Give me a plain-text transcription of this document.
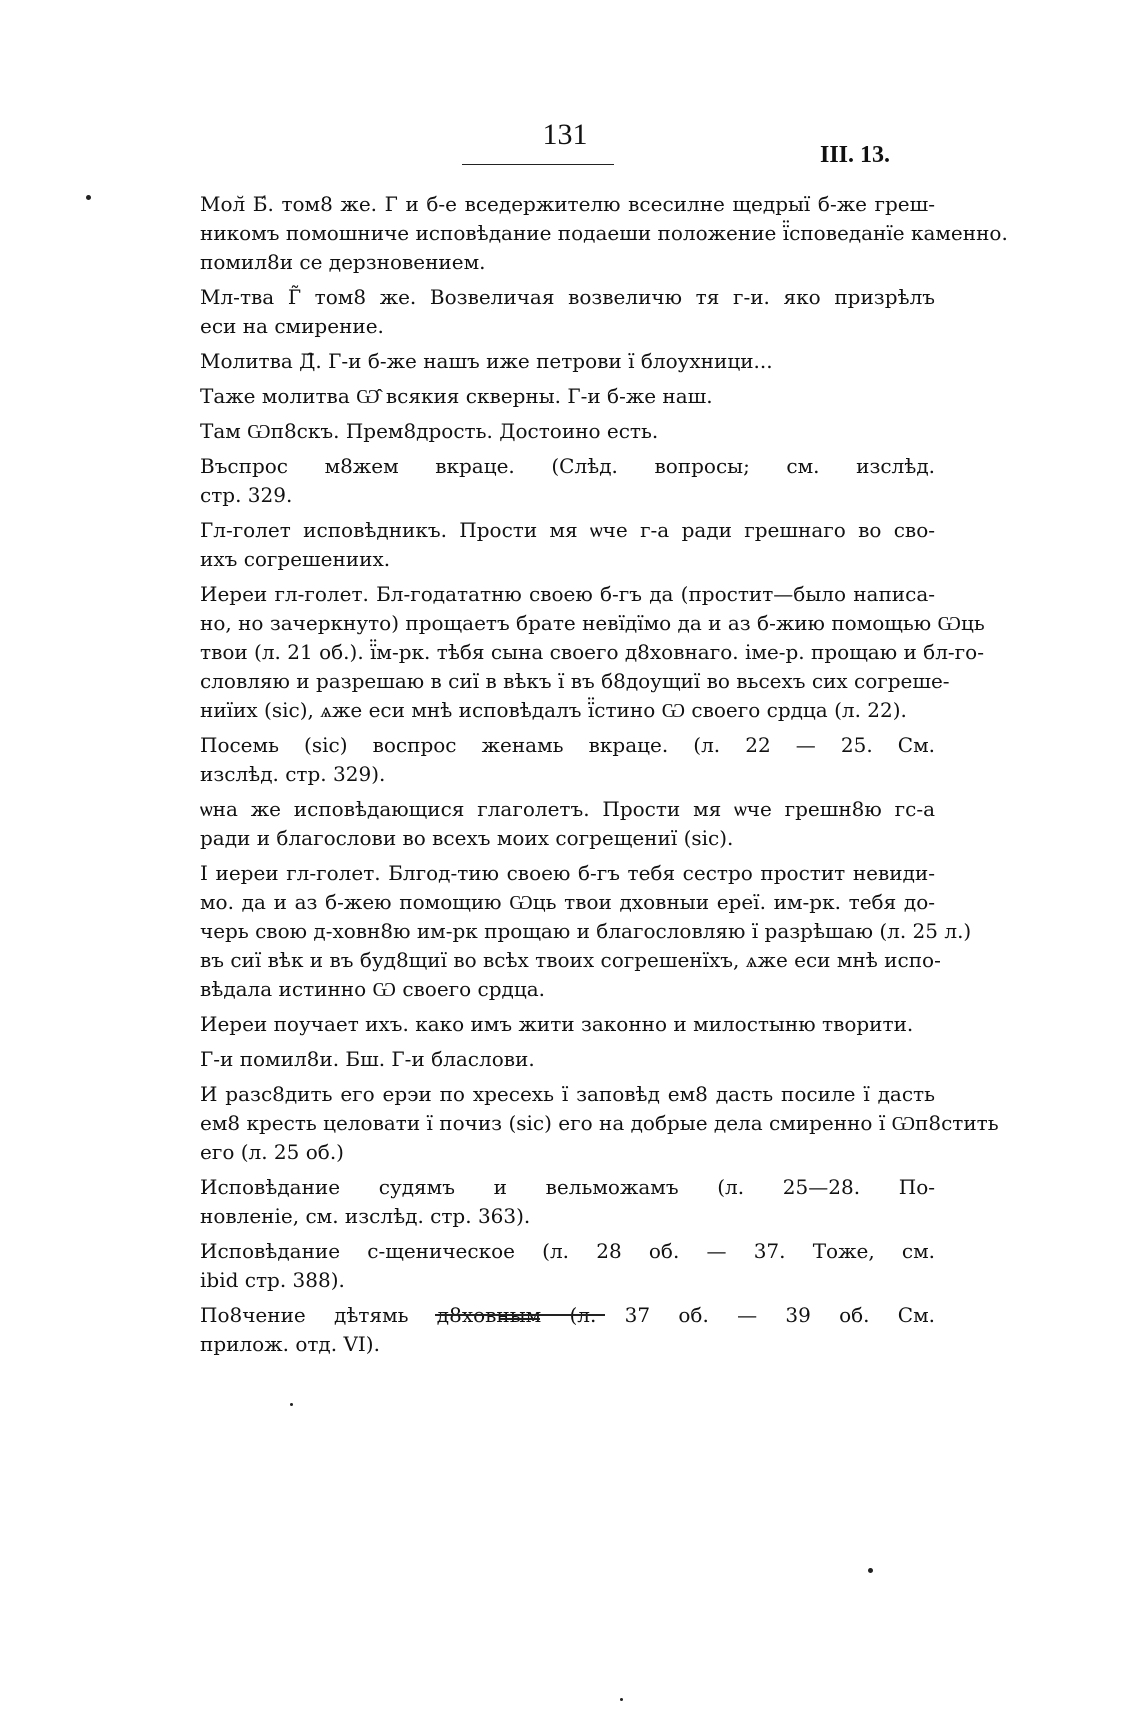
131
III. 13.
Мол̆ Б́. том8 же. Г и б-е вседержителю всесилне щедрыї б-же греш-
никомъ помошниче исповѣдание подаеши положение ї̈споведанїе каменно.
помил8и се дерзновением.
Мл-тва Г̃ том8 же. Возвеличая возвеличю тя г-и. яко призрѣлъ
еси на смирение.
Молитва Д̑. Г-и б-же нашъ иже петрови ї блоухници...
Таже молитва Ѡ̂ всякия скверны. Г-и б-же наш.
Там Ѡп8скъ. Прем8дрость. Достоино есть.
Въспрос м8жем вкраце. (Слѣд. вопросы; см. изслѣд.
стр. 329.
Гл-голет исповѣдникъ. Прости мя ѡче г-а ради грешнаго во сво-
ихъ согрешениих.
Иереи гл-голет. Бл-годататню своею б-гъ да (простит—было написа-
но, но зачеркнуто) прощаетъ брате невїдїмо да и аз б-жию помощью Ѡць
твои (л. 21 об.). ї̈м-рк. тѣбя сына своего д8ховнаго. іме-р. прощаю и бл-го-
словляю и разрешаю в сиї в вѣкъ ї въ б8доущиї во вьсехъ сих согреше-
ниїих (sic), ѧже еси мнѣ исповѣдалъ ї̈стино Ѡ своего срдца (л. 22).
Посемь (sic) воспрос женамь вкраце. (л. 22 — 25. См.
изслѣд. стр. 329).
ѡна же исповѣдающися глаголетъ. Прости мя ѡче грешн8ю гс-а
ради и благослови во всехъ моих согрещениї (sic).
І иереи гл-голет. Блгод-тию своею б-гъ тебя сестро простит невиди-
мо. да и аз б-жею помощию Ѡць твои дховныи ереї. им-рк. тебя до-
черь свою д-ховн8ю им-рк прощаю и благословляю ї разрѣшаю (л. 25 л.)
въ сиї вѣк и въ буд8щиї во всѣх твоих согрешенїхъ, ѧже еси мнѣ испо-
вѣдала истинно Ѡ своего срдца.
Иереи поучает ихъ. како имъ жити законно и милостыню творити.
Г-и помил8и. Бш. Г-и бласлови.
И разс8дить его ерэи по хресехь ї заповѣд ем8 дасть посиле ї дасть
ем8 кресть целовати ї почиз (sic) его на добрые дела смиренно ї Ѡп8стить
его (л. 25 об.)
Исповѣдание судямъ и вельможамъ (л. 25—28. По-
новленіе, см. изслѣд. стр. 363).
Исповѣдание с-щеническое (л. 28 об. — 37. Тоже, см.
ibid стр. 388).
По8чение дѣтямь д8ховным (л. 37 об. — 39 об. См.
прилож. отд. VI).
